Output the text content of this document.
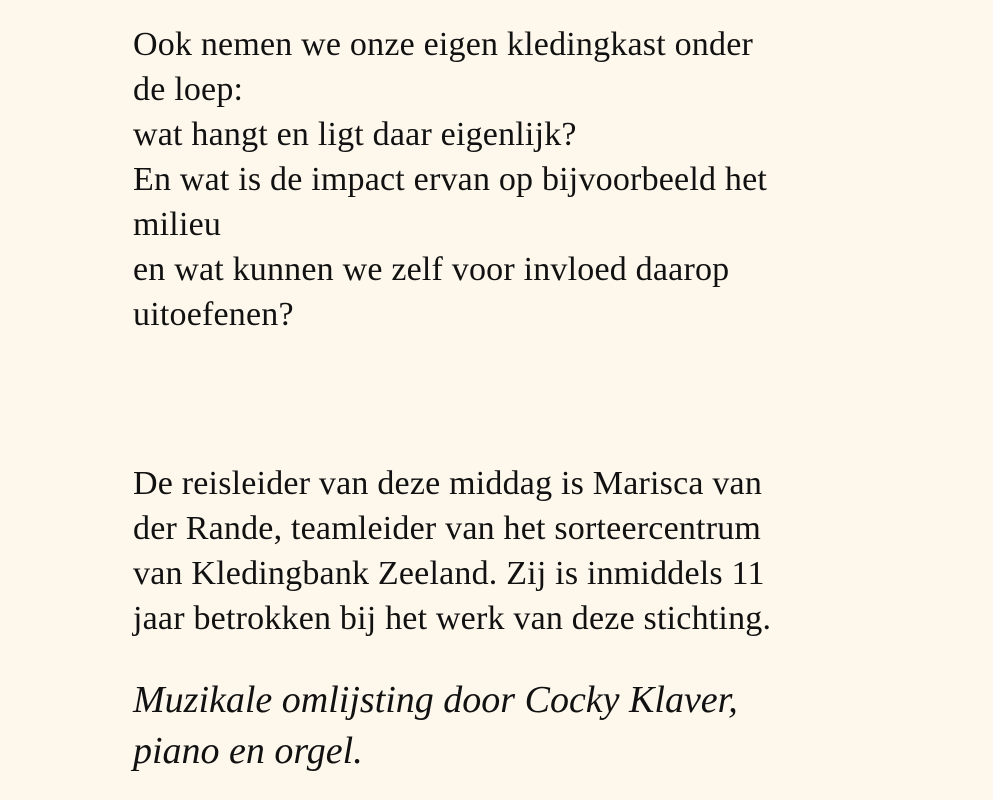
Ook nemen we onze eigen kledingkast onder
de loep:
wat hangt en ligt daar eigenlijk?
En wat is de impact ervan op bijvoorbeeld het
milieu
en wat kunnen we zelf voor invloed daarop
uitoefenen?
De reisleider van deze middag is Marisca van
der Rande, teamleider van het sorteercentrum
van Kledingbank Zeeland. Zij is inmiddels 11
jaar betrokken bij het werk van deze stichting.
Muzikale omlijsting door Cocky Klaver,
piano en orgel.
